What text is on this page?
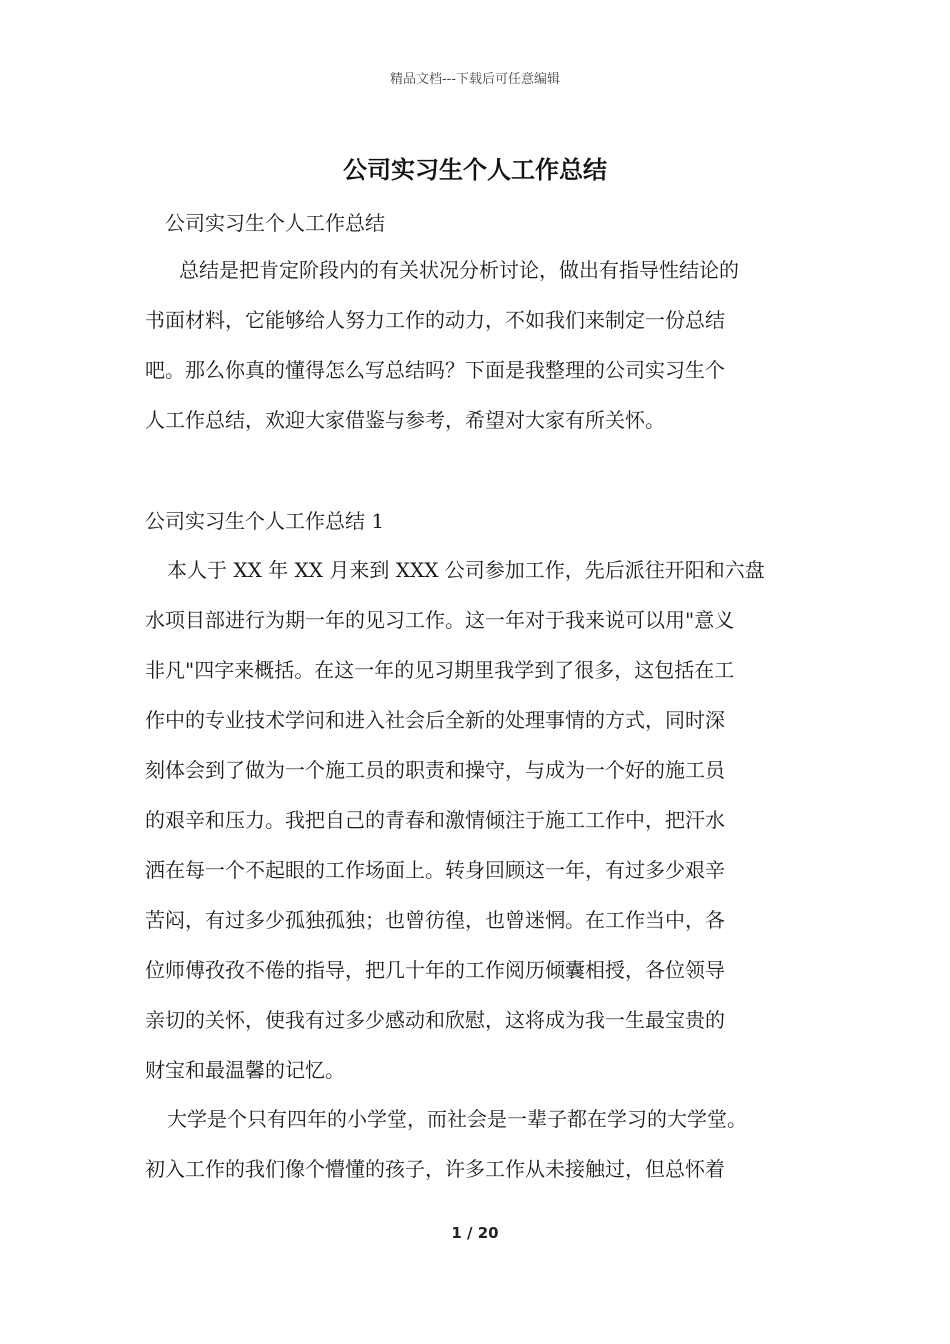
精品文档---下载后可任意编辑
公司实习生个人工作总结
公司实习生个人工作总结
总结是把肯定阶段内的有关状况分析讨论，做出有指导性结论的
书面材料，它能够给人努力工作的动力，不如我们来制定一份总结
吧。那么你真的懂得怎么写总结吗？下面是我整理的公司实习生个
人工作总结，欢迎大家借鉴与参考，希望对大家有所关怀。
公司实习生个人工作总结 1
本人于 XX 年 XX 月来到 XXX 公司参加工作，先后派往开阳和六盘
水项目部进行为期一年的见习工作。这一年对于我来说可以用"意义
非凡"四字来概括。在这一年的见习期里我学到了很多，这包括在工
作中的专业技术学问和进入社会后全新的处理事情的方式，同时深
刻体会到了做为一个施工员的职责和操守，与成为一个好的施工员
的艰辛和压力。我把自己的青春和激情倾注于施工工作中，把汗水
洒在每一个不起眼的工作场面上。转身回顾这一年，有过多少艰辛
苦闷，有过多少孤独孤独；也曾彷徨，也曾迷惘。在工作当中，各
位师傅孜孜不倦的指导，把几十年的工作阅历倾囊相授，各位领导
亲切的关怀，使我有过多少感动和欣慰，这将成为我一生最宝贵的
财宝和最温馨的记忆。
大学是个只有四年的小学堂，而社会是一辈子都在学习的大学堂。
初入工作的我们像个懵懂的孩子，许多工作从未接触过，但总怀着
1 / 20
